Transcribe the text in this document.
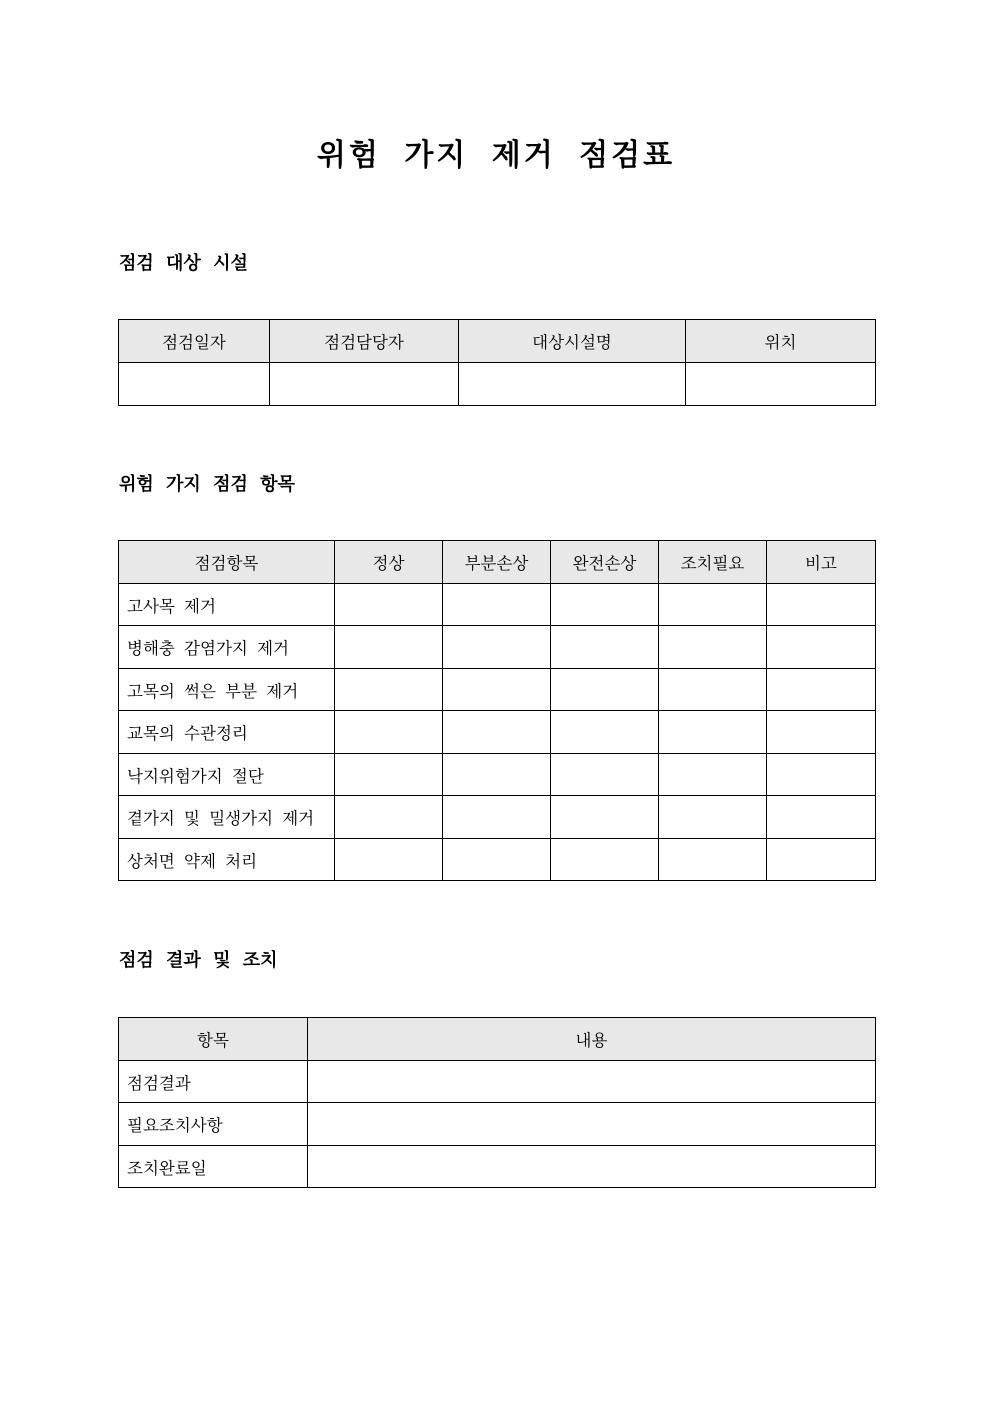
위험 가지 제거 점검표
점검 대상 시설
점검일자	점검담당자	대상시설명	위치

위험 가지 점검 항목
점검항목	정상	부분손상	완전손상	조치필요	비고
고사목 제거					
병해충 감염가지 제거					
고목의 썩은 부분 제거					
교목의 수관정리					
낙지위험가지 절단					
곁가지 및 밀생가지 제거					
상처면 약제 처리					
점검 결과 및 조치
항목	내용
점검결과	
필요조치사항	
조치완료일	
